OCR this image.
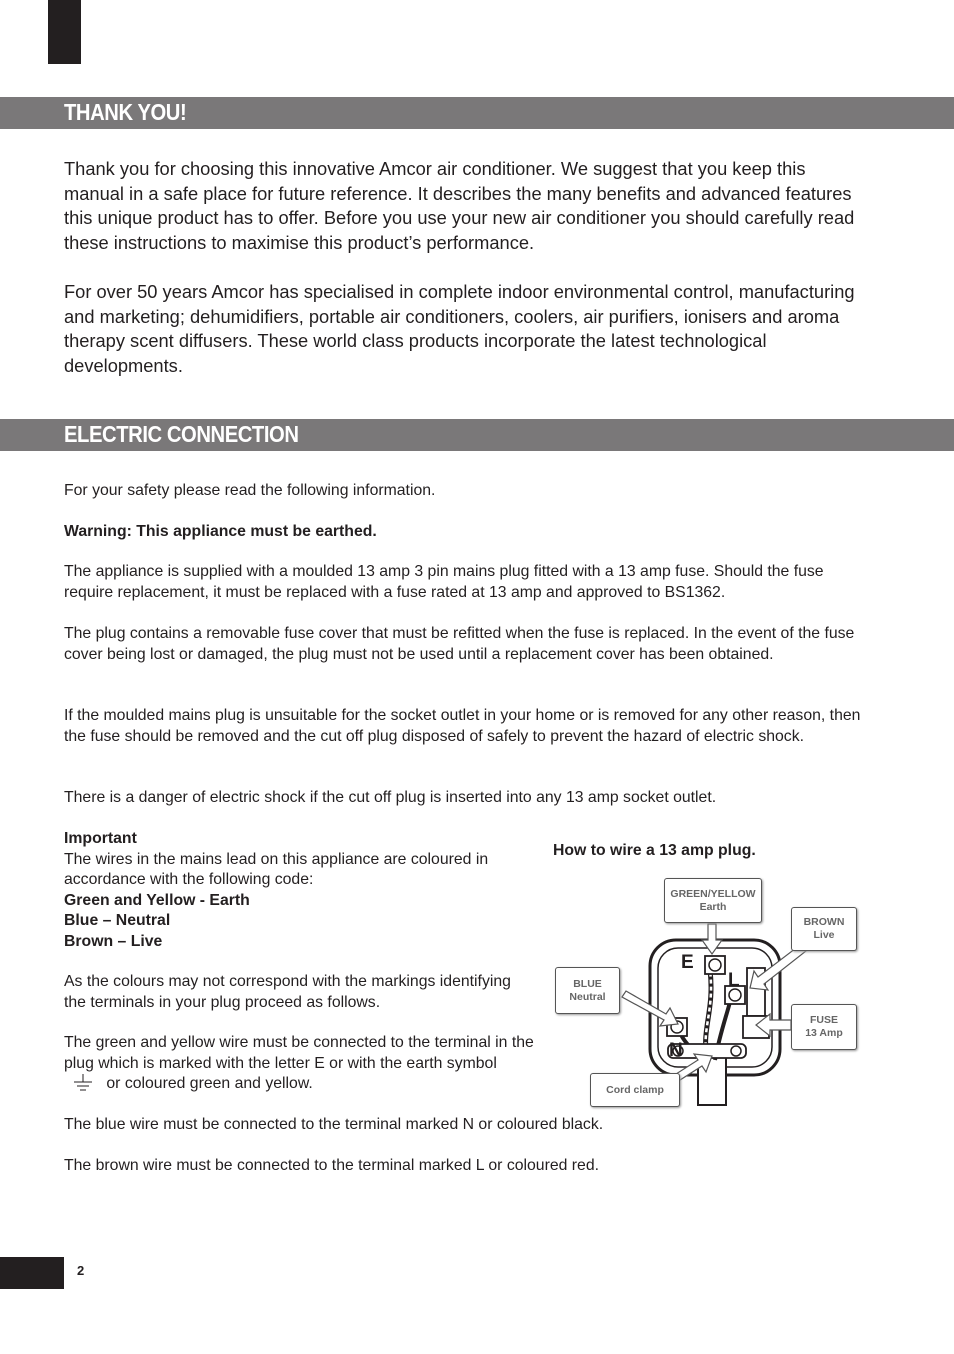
THANK YOU!

Thank you for choosing this innovative Amcor air conditioner. We suggest that you keep this manual in a safe place for future reference. It describes the many benefits and advanced features this unique product has to offer. Before you use your new air conditioner you should carefully read these instructions to maximise this product’s performance.

For over 50 years Amcor has specialised in complete indoor environmental control, manufacturing and marketing; dehumidifiers, portable air conditioners, coolers, air purifiers, ionisers and aroma therapy scent diffusers. These world class products incorporate the latest technological developments.

ELECTRIC CONNECTION

For your safety please read the following information.

Warning: This appliance must be earthed.

The appliance is supplied with a moulded 13 amp 3 pin mains plug fitted with a 13 amp fuse. Should the fuse require replacement, it must be replaced with a fuse rated at 13 amp and approved to BS1362.

The plug contains a removable fuse cover that must be refitted when the fuse is replaced. In the event of the fuse cover being lost or damaged, the plug must not be used until a replacement cover has been obtained.

If the moulded mains plug is unsuitable for the socket outlet in your home or is removed for any other reason, then the fuse should be removed and the cut off plug disposed of safely to prevent the hazard of electric shock.

There is a danger of electric shock if the cut off plug is inserted into any 13 amp socket outlet.

Important
The wires in the mains lead on this appliance are coloured in accordance with the following code:
Green and Yellow - Earth
Blue – Neutral
Brown – Live

As the colours may not correspond with the markings identifying the terminals in your plug proceed as follows.

The green and yellow wire must be connected to the terminal in the plug which is marked with the letter E or with the earth symbol  or coloured green and yellow.

The blue wire must be connected to the terminal marked N or coloured black.

The brown wire must be connected to the terminal marked L or coloured red.

How to wire a 13 amp plug.
E
L
N
GREEN/YELLOW
Earth
BROWN
Live
BLUE
Neutral
FUSE
13 Amp
Cord clamp
2
